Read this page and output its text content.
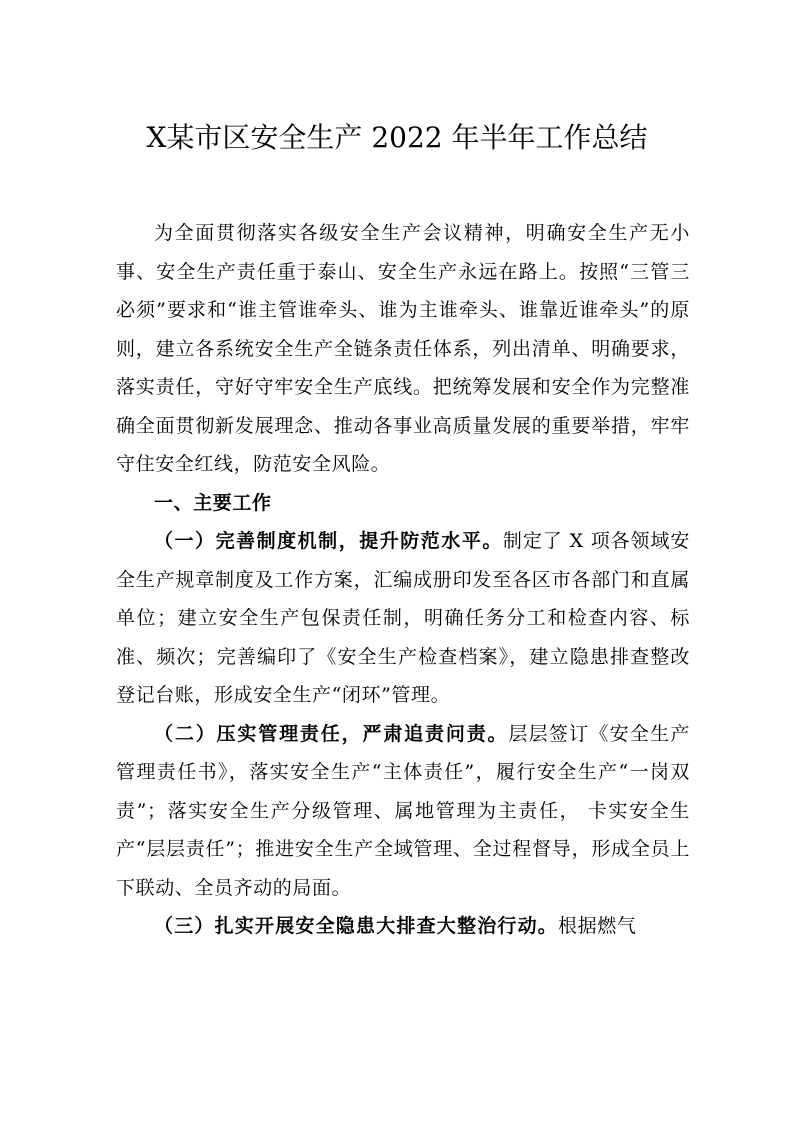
X某市区安全生产 2022 年半年工作总结

为全面贯彻落实各级安全生产会议精神，明确安全生产无小事、安全生产责任重于泰山、安全生产永远在路上。按照“三管三必须”要求和“谁主管谁牵头、谁为主谁牵头、谁靠近谁牵头”的原则，建立各系统安全生产全链条责任体系，列出清单、明确要求，落实责任，守好守牢安全生产底线。把统筹发展和安全作为完整准确全面贯彻新发展理念、推动各事业高质量发展的重要举措，牢牢守住安全红线，防范安全风险。

一、主要工作

（一）完善制度机制，提升防范水平。制定了 X 项各领域安全生产规章制度及工作方案，汇编成册印发至各区市各部门和直属单位；建立安全生产包保责任制，明确任务分工和检查内容、标准、频次；完善编印了《安全生产检查档案》，建立隐患排查整改登记台账，形成安全生产“闭环”管理。

（二）压实管理责任，严肃追责问责。层层签订《安全生产管理责任书》，落实安全生产“主体责任”，履行安全生产“一岗双责”；落实安全生产分级管理、属地管理为主责任， 卡实安全生产“层层责任”；推进安全生产全域管理、全过程督导，形成全员上下联动、全员齐动的局面。

（三）扎实开展安全隐患大排查大整治行动。根据燃气
